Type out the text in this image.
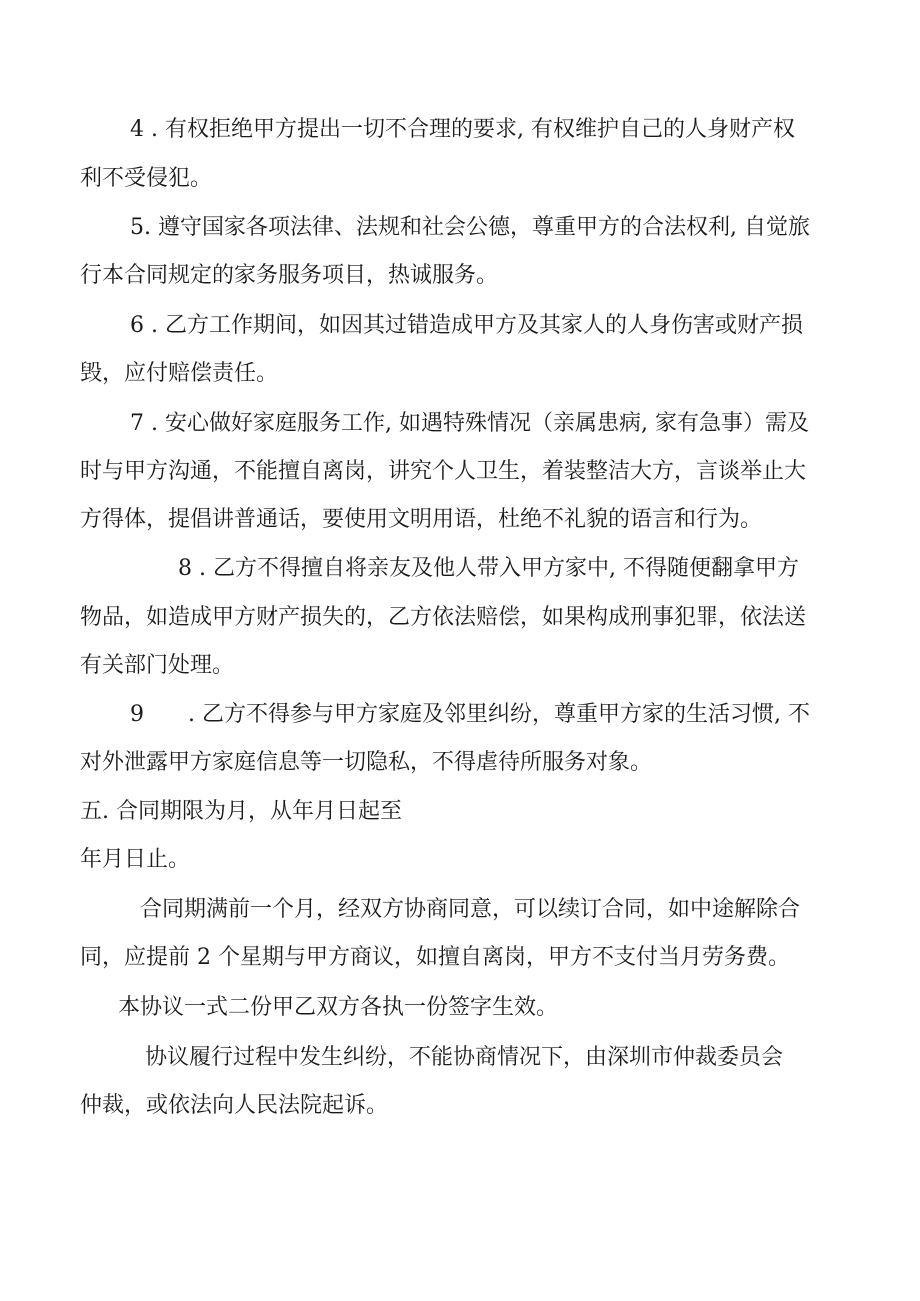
4 . 有权拒绝甲方提出一切不合理的要求, 有权维护自己的人身财产权
利不受侵犯。
5. 遵守国家各项法律、法规和社会公德，尊重甲方的合法权利, 自觉旅
行本合同规定的家务服务项目，热诚服务。
6 . 乙方工作期间，如因其过错造成甲方及其家人的人身伤害或财产损
毁，应付赔偿责任。
7 . 安心做好家庭服务工作, 如遇特殊情况（亲属患病, 家有急事）需及
时与甲方沟通，不能擅自离岗，讲究个人卫生，着装整洁大方，言谈举止大
方得体，提倡讲普通话，要使用文明用语，杜绝不礼貌的语言和行为。
8 . 乙方不得擅自将亲友及他人带入甲方家中, 不得随便翻拿甲方
物品，如造成甲方财产损失的，乙方依法赔偿，如果构成刑事犯罪，依法送
有关部门处理。
9　　. 乙方不得参与甲方家庭及邻里纠纷，尊重甲方家的生活习惯, 不
对外泄露甲方家庭信息等一切隐私，不得虐待所服务对象。
五. 合同期限为月，从年月日起至
年月日止。
合同期满前一个月，经双方协商同意，可以续订合同，如中途解除合
同，应提前 2 个星期与甲方商议，如擅自离岗，甲方不支付当月劳务费。
本协议一式二份甲乙双方各执一份签字生效。
协议履行过程中发生纠纷，不能协商情况下，由深圳市仲裁委员会
仲裁，或依法向人民法院起诉。
